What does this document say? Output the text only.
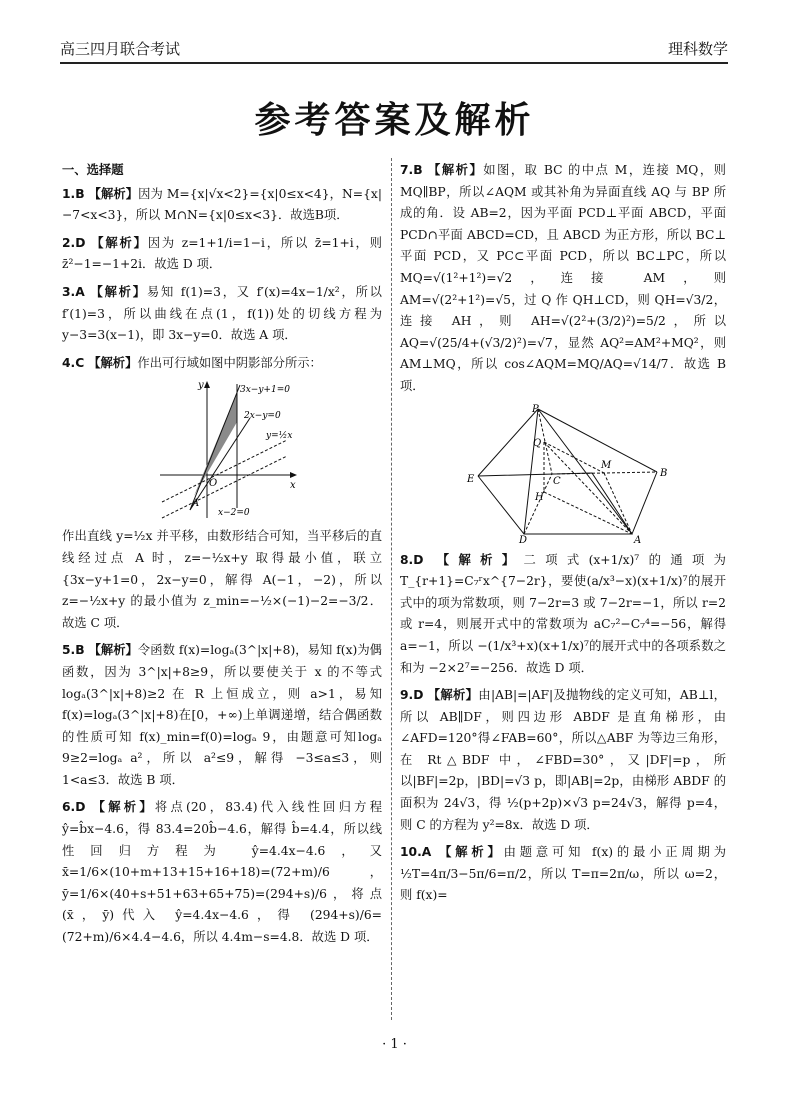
高三四月联合考试	理科数学
参考答案及解析
一、选择题
1.B 【解析】因为 M={x|√x<2}={x|0≤x<4}，N={x|−7<x<3}，所以 M∩N={x|0≤x<3}．故选B项．
2.D 【解析】因为 z=1+1/i=1−i，所以 z̄=1+i，则z̄²−1=−1+2i．故选 D 项．
3.A 【解析】易知 f(1)=3，又 f′(x)=4x−1/x²，所以 f′(1)=3，所以曲线在点(1，f(1))处的切线方程为 y−3=3(x−1)，即 3x−y=0．故选 A 项．
4.C 【解析】作出可行域如图中阴影部分所示：
3x−y+1=0
2x−y=0
y=½x
x−2=0
x
y
O
A
作出直线 y=½x 并平移，由数形结合可知，当平移后的直线经过点 A 时，z=−½x+y 取得最小值，联立 {3x−y+1=0，2x−y=0，解得 A(−1，−2)，所以 z=−½x+y 的最小值为 z_min=−½×(−1)−2=−3/2．故选 C 项．
5.B 【解析】令函数 f(x)=logₐ(3^|x|+8)，易知 f(x)为偶函数，因为 3^|x|+8≥9，所以要使关于 x 的不等式 logₐ(3^|x|+8)≥2 在 R 上恒成立，则 a>1，易知 f(x)=logₐ(3^|x|+8)在[0，+∞)上单调递增，结合偶函数的性质可知 f(x)_min=f(0)=logₐ 9，由题意可知logₐ 9≥2=logₐ a²，所以 a²≤9，解得 −3≤a≤3，则 1<a≤3．故选 B 项．
6.D 【解析】将点(20，83.4)代入线性回归方程 ŷ=b̂x−4.6，得 83.4=20b̂−4.6，解得 b̂=4.4，所以线性回归方程为 ŷ=4.4x−4.6，又 x̄=1/6×(10+m+13+15+16+18)=(72+m)/6，ȳ=1/6×(40+s+51+63+65+75)=(294+s)/6，将点(x̄，ȳ)代入 ŷ=4.4x−4.6，得 (294+s)/6=(72+m)/6×4.4−4.6，所以 4.4m−s=4.8．故选 D 项．
7.B 【解析】如图，取 BC 的中点 M，连接 MQ，则 MQ∥BP，所以∠AQM 或其补角为异面直线 AQ 与 BP 所成的角．设 AB=2，因为平面 PCD⊥平面 ABCD，平面 PCD∩平面 ABCD=CD，且 ABCD 为正方形，所以 BC⊥平面 PCD，又 PC⊂平面 PCD，所以 BC⊥PC，所以 MQ=√(1²+1²)=√2，连接 AM，则 AM=√(2²+1²)=√5，过 Q 作 QH⊥CD，则 QH=√3/2，连接 AH，则 AH=√(2²+(3/2)²)=5/2，所以 AQ=√(25/4+(√3/2)²)=√7，显然 AQ²=AM²+MQ²，则 AM⊥MQ，所以 cos∠AQM=MQ/AQ=√14/7．故选 B 项．
P
Q
C
H
M
B
E
D	A
8.D 【解析】二项式(x+1/x)⁷的通项为 T_{r+1}=C₇ʳx^{7−2r}，要使(a/x³−x)(x+1/x)⁷的展开式中的项为常数项，则 7−2r=3 或 7−2r=−1，所以 r=2 或 r=4，则展开式中的常数项为 aC₇²−C₇⁴=−56，解得 a=−1，所以 −(1/x³+x)(x+1/x)⁷的展开式中的各项系数之和为 −2×2⁷=−256．故选 D 项．
9.D 【解析】由|AB|=|AF|及抛物线的定义可知，AB⊥l，所以 AB∥DF，则四边形 ABDF 是直角梯形，由∠AFD=120°得∠FAB=60°，所以△ABF 为等边三角形，在 Rt△BDF 中，∠FBD=30°，又|DF|=p，所以|BF|=2p，|BD|=√3 p，即|AB|=2p，由梯形 ABDF 的面积为 24√3，得 ½(p+2p)×√3 p=24√3，解得 p=4，则 C 的方程为 y²=8x．故选 D 项．
10.A 【解析】由题意可知 f(x)的最小正周期为½T=4π/3−5π/6=π/2，所以 T=π=2π/ω，所以 ω=2，则 f(x)=
· 1 ·
